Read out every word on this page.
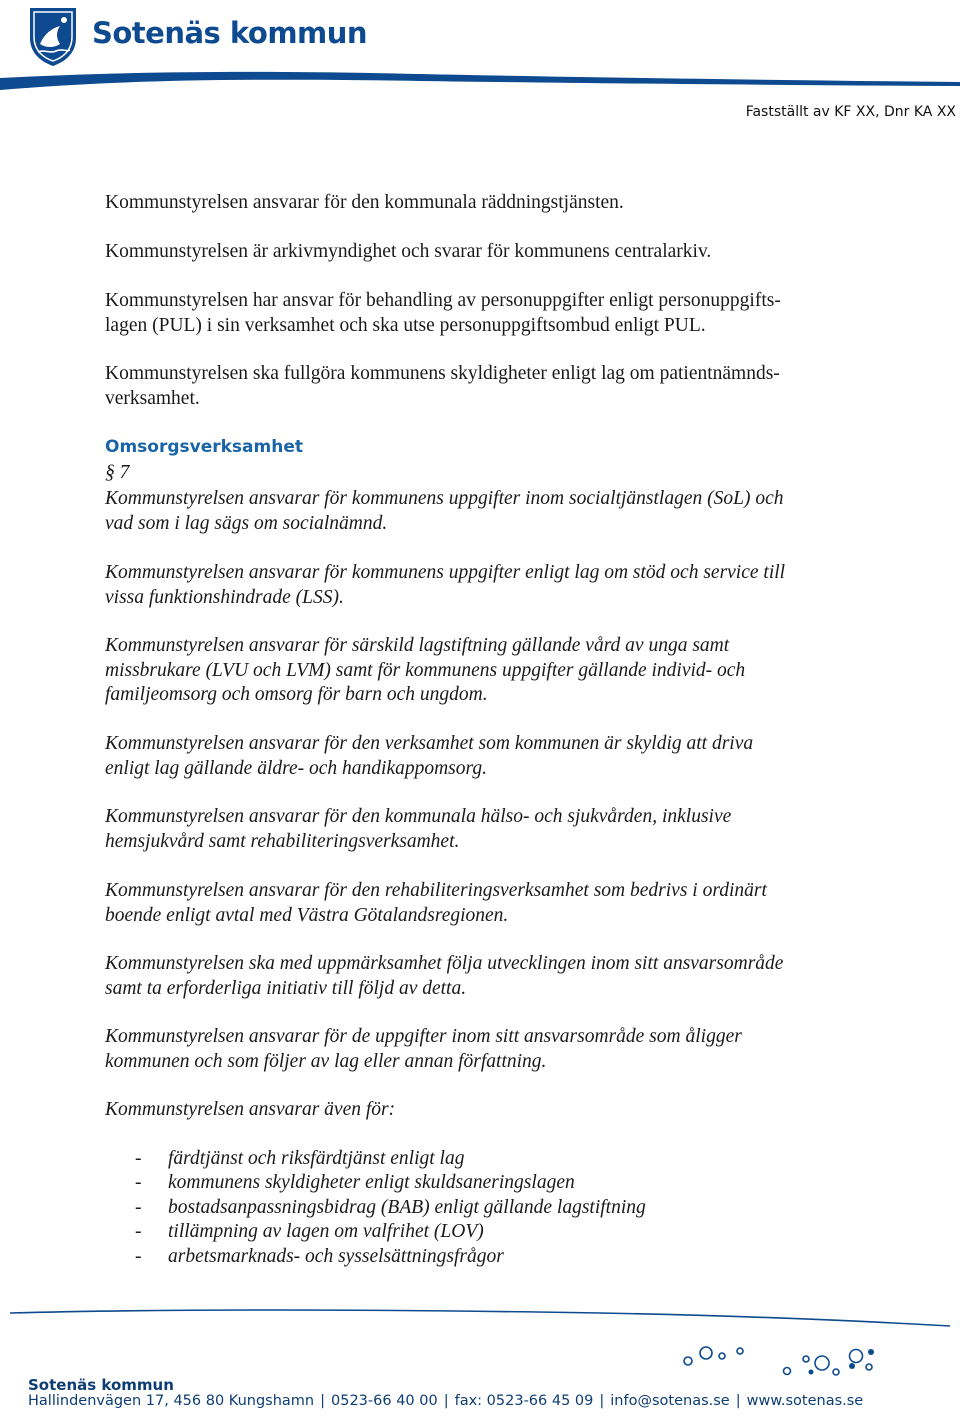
Sotenäs kommun
Fastställt av KF XX, Dnr KA XX

Kommunstyrelsen ansvarar för den kommunala räddningstjänsten.

Kommunstyrelsen är arkivmyndighet och svarar för kommunens centralarkiv.

Kommunstyrelsen har ansvar för behandling av personuppgifter enligt personuppgifts-
lagen (PUL) i sin verksamhet och ska utse personuppgiftsombud enligt PUL.

Kommunstyrelsen ska fullgöra kommunens skyldigheter enligt lag om patientnämnds-
verksamhet.

Omsorgsverksamhet
§ 7

Kommunstyrelsen ansvarar för kommunens uppgifter inom socialtjänstlagen (SoL) och
vad som i lag sägs om socialnämnd.

Kommunstyrelsen ansvarar för kommunens uppgifter enligt lag om stöd och service till
vissa funktionshindrade (LSS).

Kommunstyrelsen ansvarar för särskild lagstiftning gällande vård av unga samt
missbrukare (LVU och LVM) samt för kommunens uppgifter gällande individ- och
familjeomsorg och omsorg för barn och ungdom.

Kommunstyrelsen ansvarar för den verksamhet som kommunen är skyldig att driva
enligt lag gällande äldre- och handikappomsorg.

Kommunstyrelsen ansvarar för den kommunala hälso- och sjukvården, inklusive
hemsjukvård samt rehabiliteringsverksamhet.

Kommunstyrelsen ansvarar för den rehabiliteringsverksamhet som bedrivs i ordinärt
boende enligt avtal med Västra Götalandsregionen.

Kommunstyrelsen ska med uppmärksamhet följa utvecklingen inom sitt ansvarsområde
samt ta erforderliga initiativ till följd av detta.

Kommunstyrelsen ansvarar för de uppgifter inom sitt ansvarsområde som åligger
kommunen och som följer av lag eller annan författning.

Kommunstyrelsen ansvarar även för:

-	färdtjänst och riksfärdtjänst enligt lag
-	kommunens skyldigheter enligt skuldsaneringslagen
-	bostadsanpassningsbidrag (BAB) enligt gällande lagstiftning
-	tillämpning av lagen om valfrihet (LOV)
-	arbetsmarknads- och sysselsättningsfrågor
Sotenäs kommun
Hallindenvägen 17, 456 80 Kungshamn | 0523-66 40 00 | fax: 0523-66 45 09 | info@sotenas.se | www.sotenas.se
